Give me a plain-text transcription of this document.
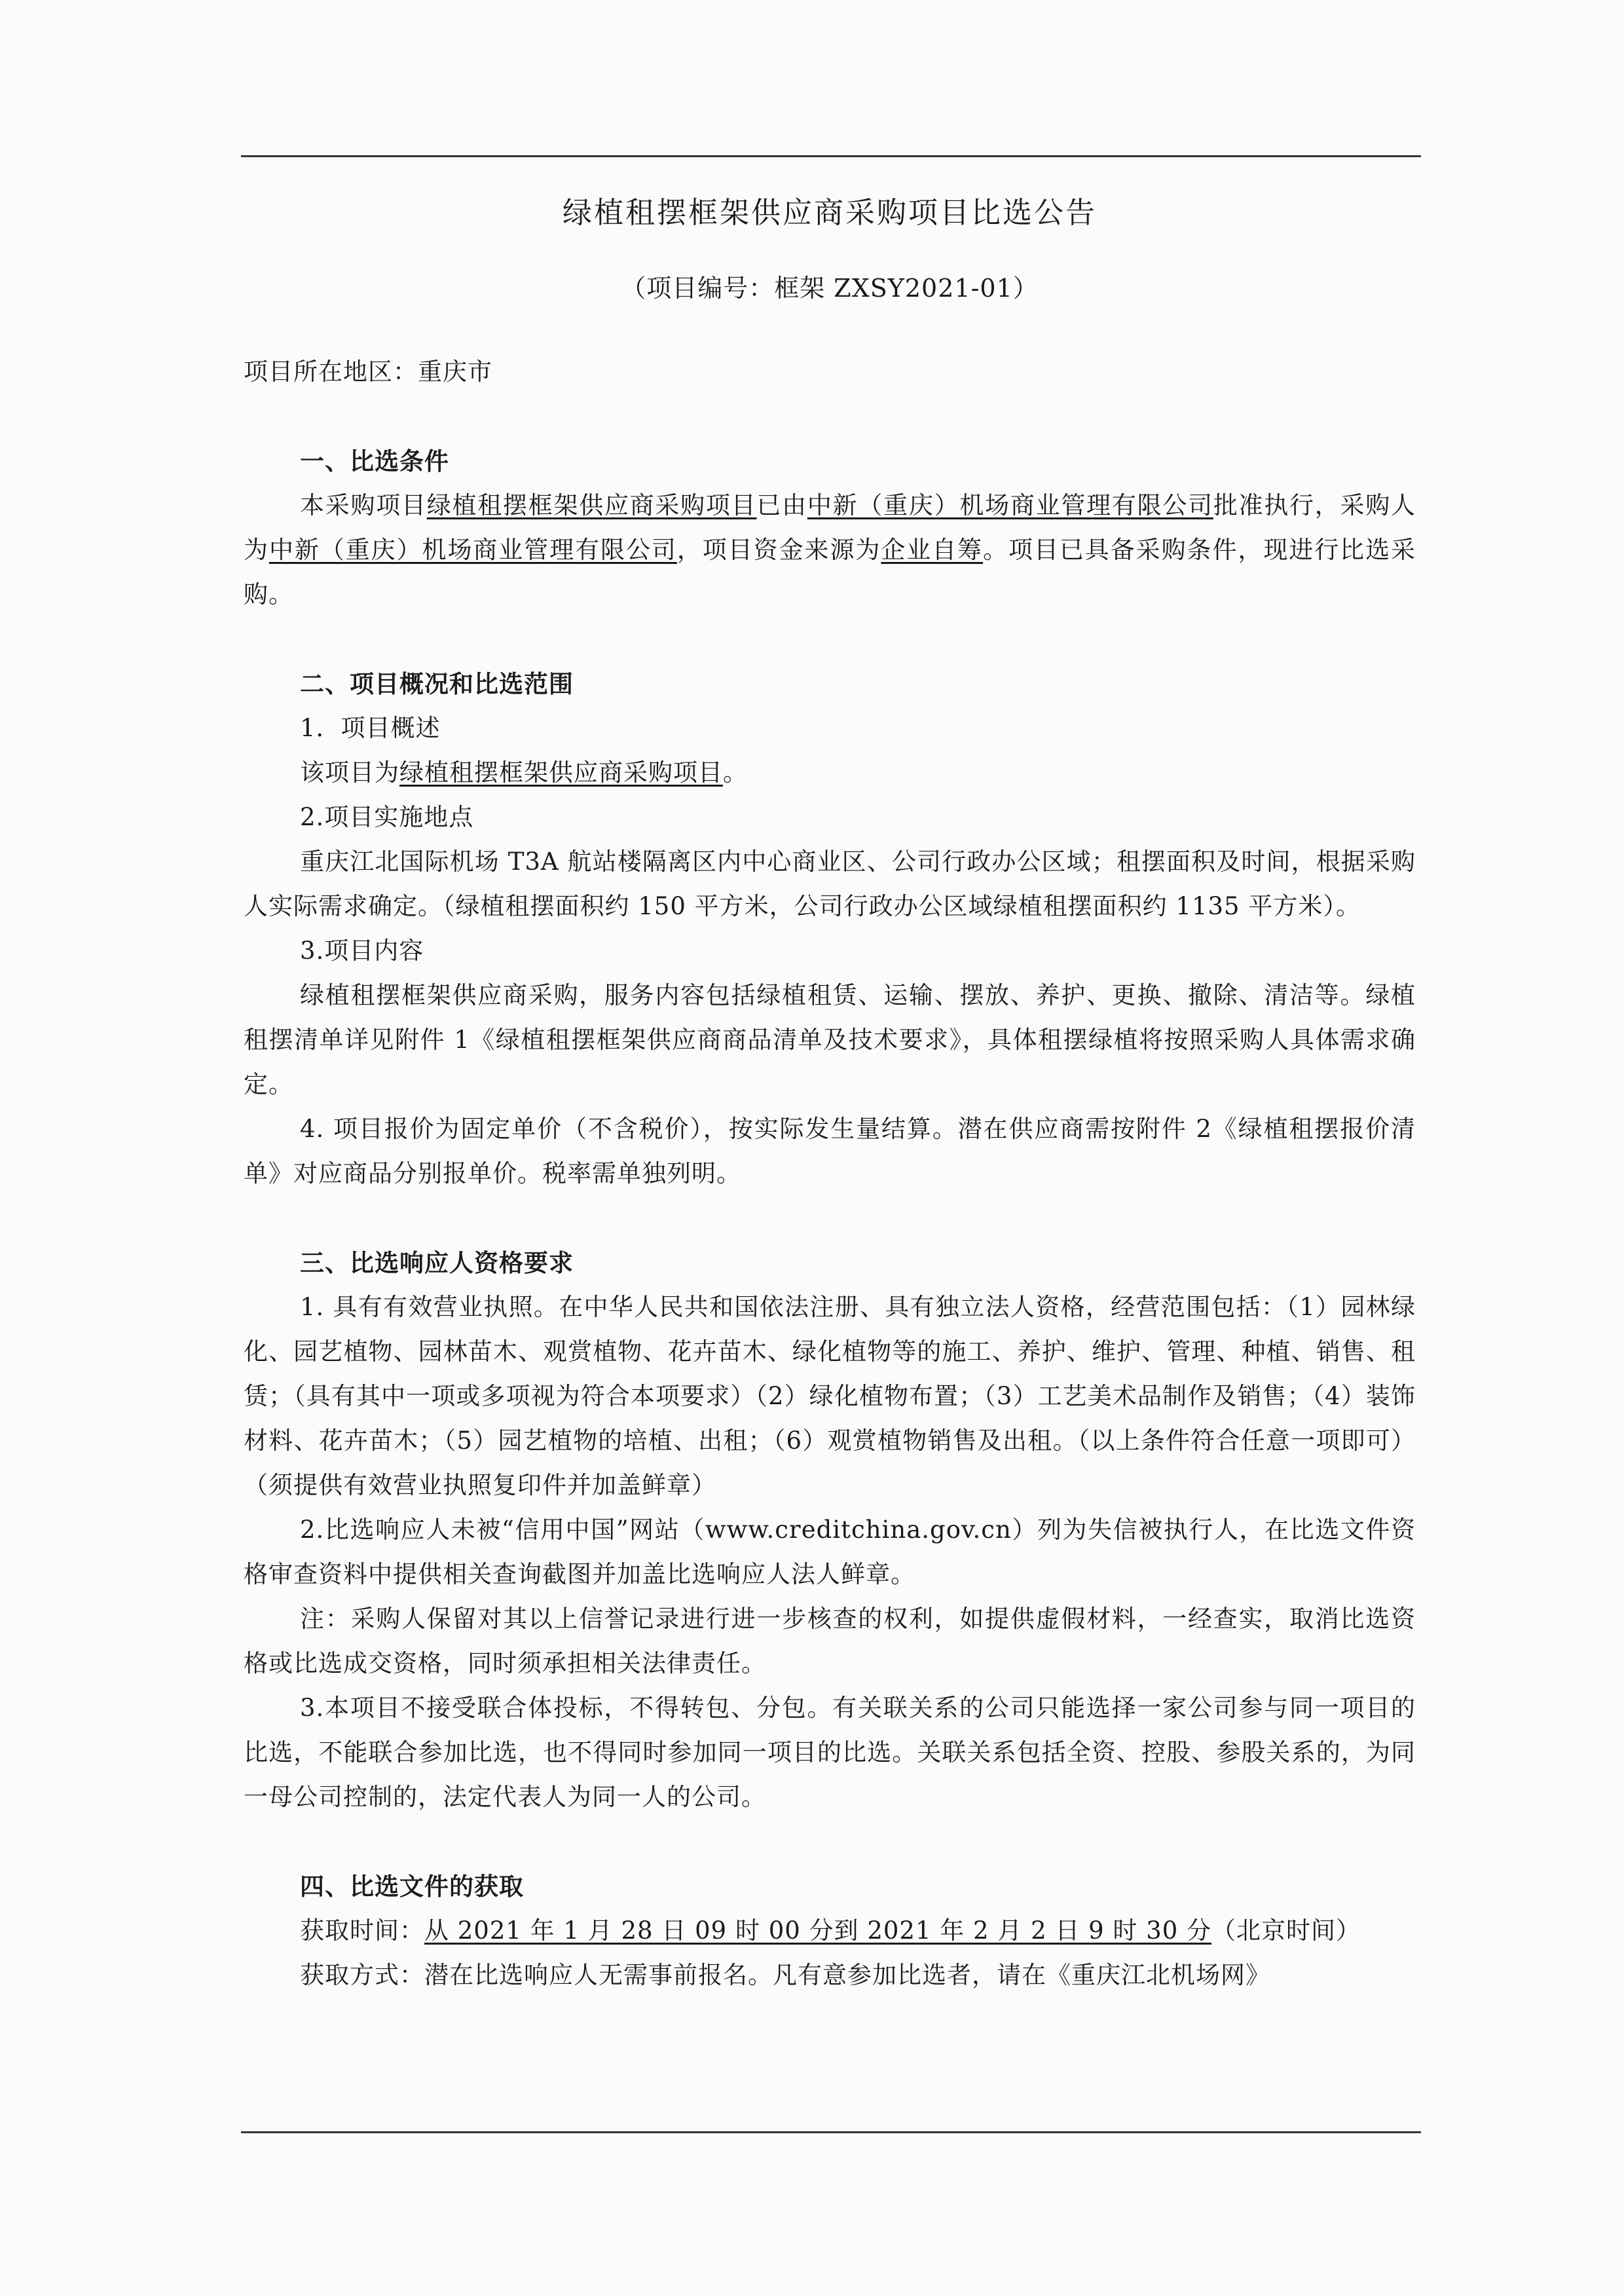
绿植租摆框架供应商采购项目比选公告
（项目编号：框架 ZXSY2021-01）
项目所在地区：重庆市
一、比选条件
本采购项目绿植租摆框架供应商采购项目已由中新（重庆）机场商业管理有限公司批准执行，采购人为中新（重庆）机场商业管理有限公司，项目资金来源为企业自筹。项目已具备采购条件，现进行比选采购。
二、项目概况和比选范围
1．项目概述
该项目为绿植租摆框架供应商采购项目。
2.项目实施地点
重庆江北国际机场 T3A 航站楼隔离区内中心商业区、公司行政办公区域；租摆面积及时间，根据采购人实际需求确定。（绿植租摆面积约 150 平方米，公司行政办公区域绿植租摆面积约 1135 平方米）。
3.项目内容
绿植租摆框架供应商采购，服务内容包括绿植租赁、运输、摆放、养护、更换、撤除、清洁等。绿植租摆清单详见附件 1《绿植租摆框架供应商商品清单及技术要求》，具体租摆绿植将按照采购人具体需求确定。
4. 项目报价为固定单价（不含税价），按实际发生量结算。潜在供应商需按附件 2《绿植租摆报价清单》对应商品分别报单价。税率需单独列明。
三、比选响应人资格要求
1. 具有有效营业执照。在中华人民共和国依法注册、具有独立法人资格，经营范围包括：（1）园林绿化、园艺植物、园林苗木、观赏植物、花卉苗木、绿化植物等的施工、养护、维护、管理、种植、销售、租赁；（具有其中一项或多项视为符合本项要求）（2）绿化植物布置；（3）工艺美术品制作及销售；（4）装饰材料、花卉苗木；（5）园艺植物的培植、出租；（6）观赏植物销售及出租。（以上条件符合任意一项即可）（须提供有效营业执照复印件并加盖鲜章）
2.比选响应人未被“信用中国”网站（www.creditchina.gov.cn）列为失信被执行人，在比选文件资格审查资料中提供相关查询截图并加盖比选响应人法人鲜章。
注：采购人保留对其以上信誉记录进行进一步核查的权利，如提供虚假材料，一经查实，取消比选资格或比选成交资格，同时须承担相关法律责任。
3.本项目不接受联合体投标，不得转包、分包。有关联关系的公司只能选择一家公司参与同一项目的比选，不能联合参加比选，也不得同时参加同一项目的比选。关联关系包括全资、控股、参股关系的，为同一母公司控制的，法定代表人为同一人的公司。
四、比选文件的获取
获取时间：从 2021 年 1 月 28 日 09 时 00 分到 2021 年 2 月 2 日 9 时 30 分（北京时间）
获取方式：潜在比选响应人无需事前报名。凡有意参加比选者，请在《重庆江北机场网》
